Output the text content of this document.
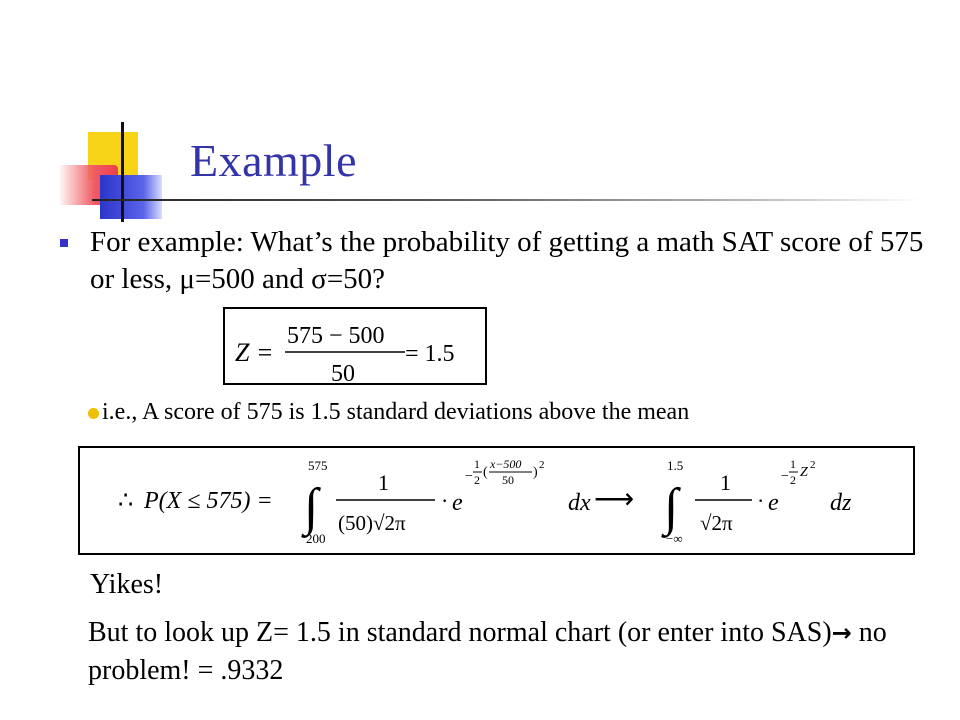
Example
For example: What’s the probability of getting a math SAT score of 575 or less, μ=500 and σ=50?
Z =
575 − 500
50
= 1.5
i.e., A score of 575 is 1.5 standard deviations above the mean
∴ P(X ≤ 575) =
575
∫
200
1
(50)√2π
· e
−
1
2 (
x−500
50 ) 2
dx ⟶
1.5
∫
−∞
1
√2π
· e
−
1
2 Z 2
dz
Yikes!
But to look up Z= 1.5 in standard normal chart (or enter into SAS)→ no problem! = .9332
